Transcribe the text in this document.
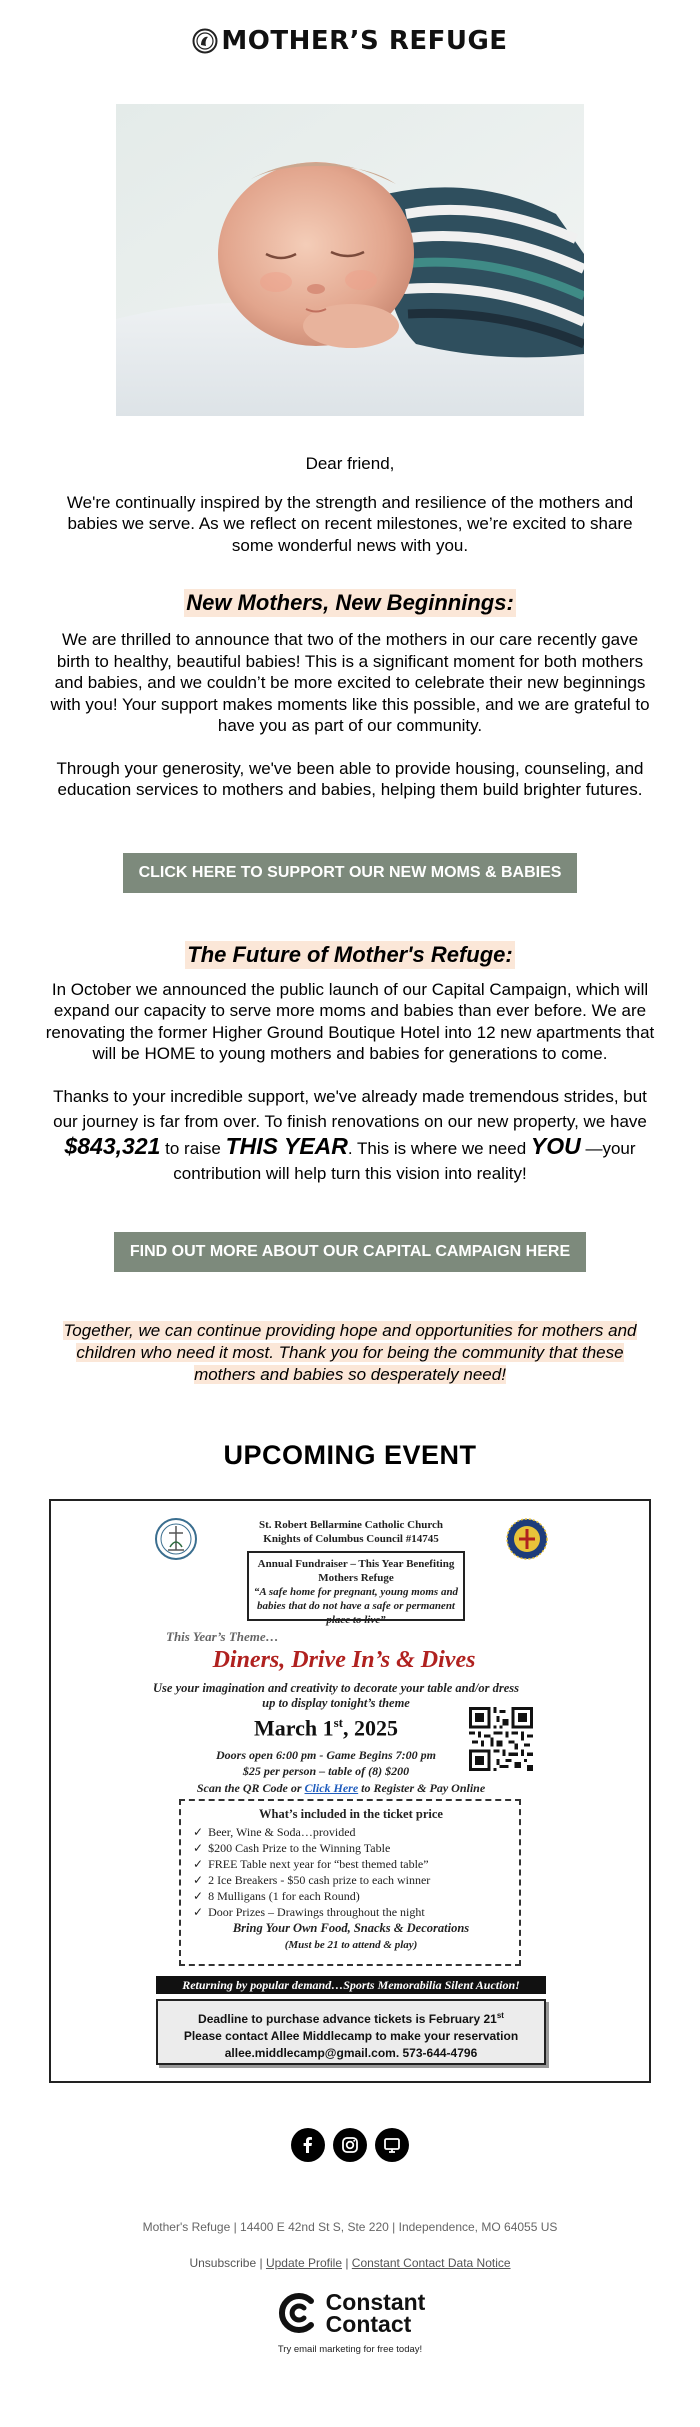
MOTHER’S REFUGE

Dear friend,

We're continually inspired by the strength and resilience of the mothers and babies we serve. As we reflect on recent milestones, we’re excited to share some wonderful news with you.

New Mothers, New Beginnings:

We are thrilled to announce that two of the mothers in our care recently gave birth to healthy, beautiful babies! This is a significant moment for both mothers and babies, and we couldn’t be more excited to celebrate their new beginnings with you! Your support makes moments like this possible, and we are grateful to have you as part of our community.

Through your generosity, we've been able to provide housing, counseling, and education services to mothers and babies, helping them build brighter futures.

CLICK HERE TO SUPPORT OUR NEW MOMS & BABIES
The Future of Mother's Refuge:

In October we announced the public launch of our Capital Campaign, which will expand our capacity to serve more moms and babies than ever before. We are renovating the former Higher Ground Boutique Hotel into 12 new apartments that will be HOME to young mothers and babies for generations to come.

Thanks to your incredible support, we've already made tremendous strides, but our journey is far from over. To finish renovations on our new property, we have $843,321 to raise THIS YEAR. This is where we need YOU —your contribution will help turn this vision into reality!

FIND OUT MORE ABOUT OUR CAPITAL CAMPAIGN HERE
Together, we can continue providing hope and opportunities for mothers and children who need it most. Thank you for being the community that these mothers and babies so desperately need!
UPCOMING EVENT
St. Robert Bellarmine Catholic Church
Knights of Columbus Council #14745
Annual Fundraiser – This Year Benefiting
Mothers Refuge
“A safe home for pregnant, young moms and babies that do not have a safe or permanent place to live”
This Year’s Theme…
Diners, Drive In’s & Dives
Use your imagination and creativity to decorate your table and/or dress up to display tonight’s theme
March 1st, 2025
Doors open 6:00 pm - Game Begins 7:00 pm
$25 per person – table of (8) $200
Scan the QR Code or Click Here to Register & Pay Online
What’s included in the ticket price
✓ Beer, Wine & Soda…provided
✓ $200 Cash Prize to the Winning Table
✓ FREE Table next year for “best themed table”
✓ 2 Ice Breakers - $50 cash prize to each winner
✓ 8 Mulligans (1 for each Round)
✓ Door Prizes – Drawings throughout the night
Bring Your Own Food, Snacks & Decorations
(Must be 21 to attend & play)
Returning by popular demand…Sports Memorabilia Silent Auction!
Deadline to purchase advance tickets is February 21st
Please contact Allee Middlecamp to make your reservation
allee.middlecamp@gmail.com. 573-644-4796
Mother's Refuge | 14400 E 42nd St S, Ste 220 | Independence, MO 64055 US
Unsubscribe | Update Profile | Constant Contact Data Notice
Constant
Contact
Try email marketing for free today!
